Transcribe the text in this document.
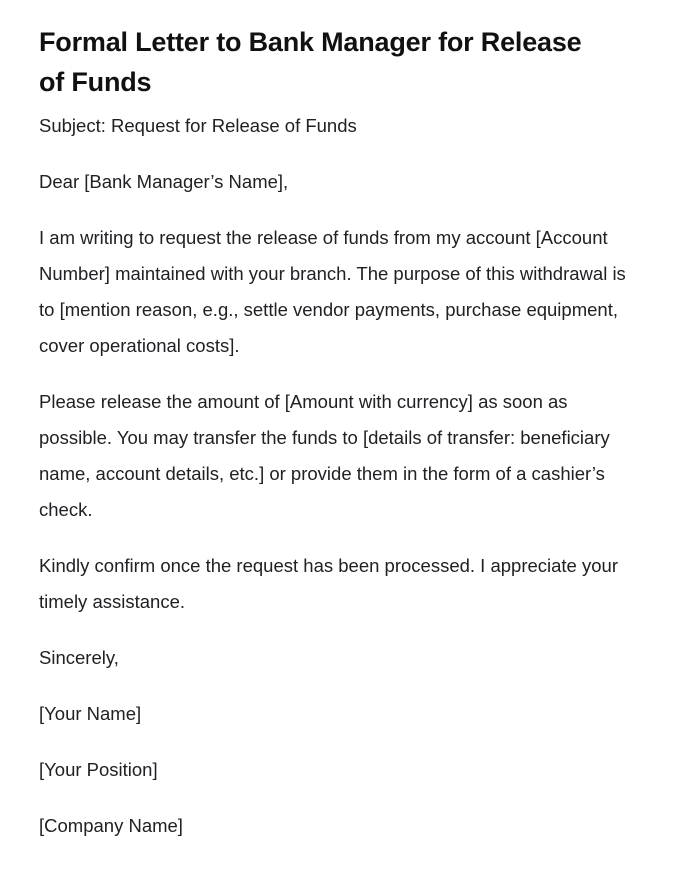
Formal Letter to Bank Manager for Release of Funds

Subject: Request for Release of Funds

Dear [Bank Manager’s Name],

I am writing to request the release of funds from my account [Account Number] maintained with your branch. The purpose of this withdrawal is to [mention reason, e.g., settle vendor payments, purchase equipment, cover operational costs].

Please release the amount of [Amount with currency] as soon as possible. You may transfer the funds to [details of transfer: beneficiary name, account details, etc.] or provide them in the form of a cashier’s check.

Kindly confirm once the request has been processed. I appreciate your timely assistance.

Sincerely,

[Your Name]

[Your Position]

[Company Name]
